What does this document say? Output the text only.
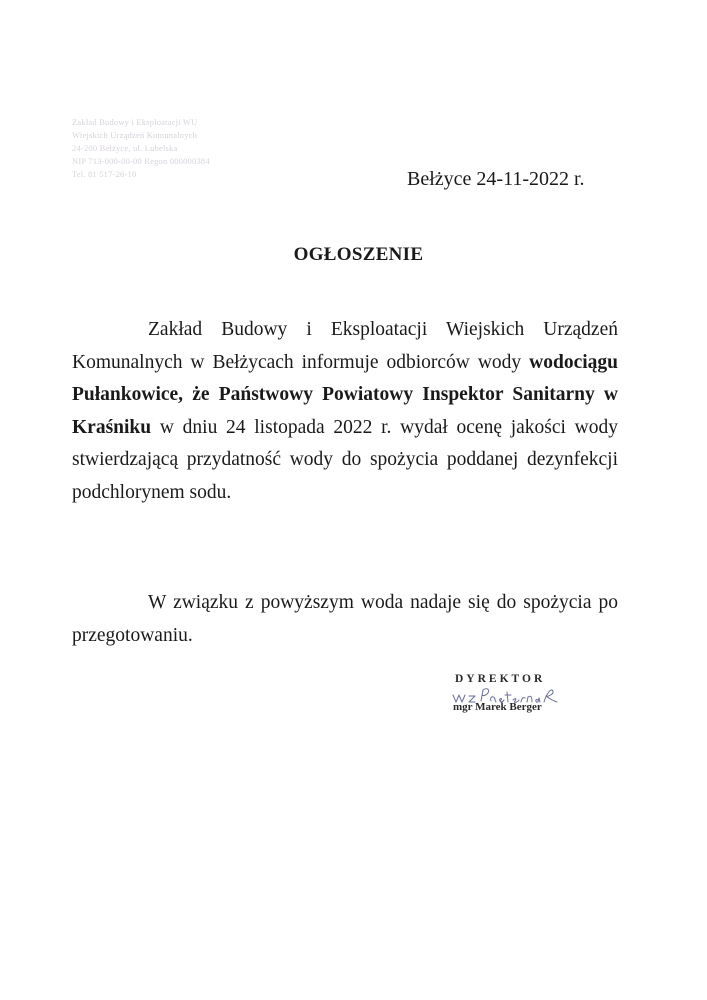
Zakład Budowy i Eksploatacji WU
Wiejskich Urządzeń Komunalnych
24-200 Bełżyce, ul. Lubelska
NIP 713-000-00-00 Regon 000000384
Tel. 81 517-26-10	Bełżyce 24-11-2022 r.
OGŁOSZENIE
Zakład Budowy i Eksploatacji Wiejskich Urządzeń Komunalnych w Bełżycach informuje odbiorców wody wodociągu Pułankowice, że Państwowy Powiatowy Inspektor Sanitarny w Kraśniku w dniu 24 listopada 2022 r. wydał ocenę jakości wody stwierdzającą przydatność wody do spożycia poddanej dezynfekcji podchlorynem sodu.
W związku z powyższym woda nadaje się do spożycia po przegotowaniu.
DYREKTOR
mgr Marek Berger
